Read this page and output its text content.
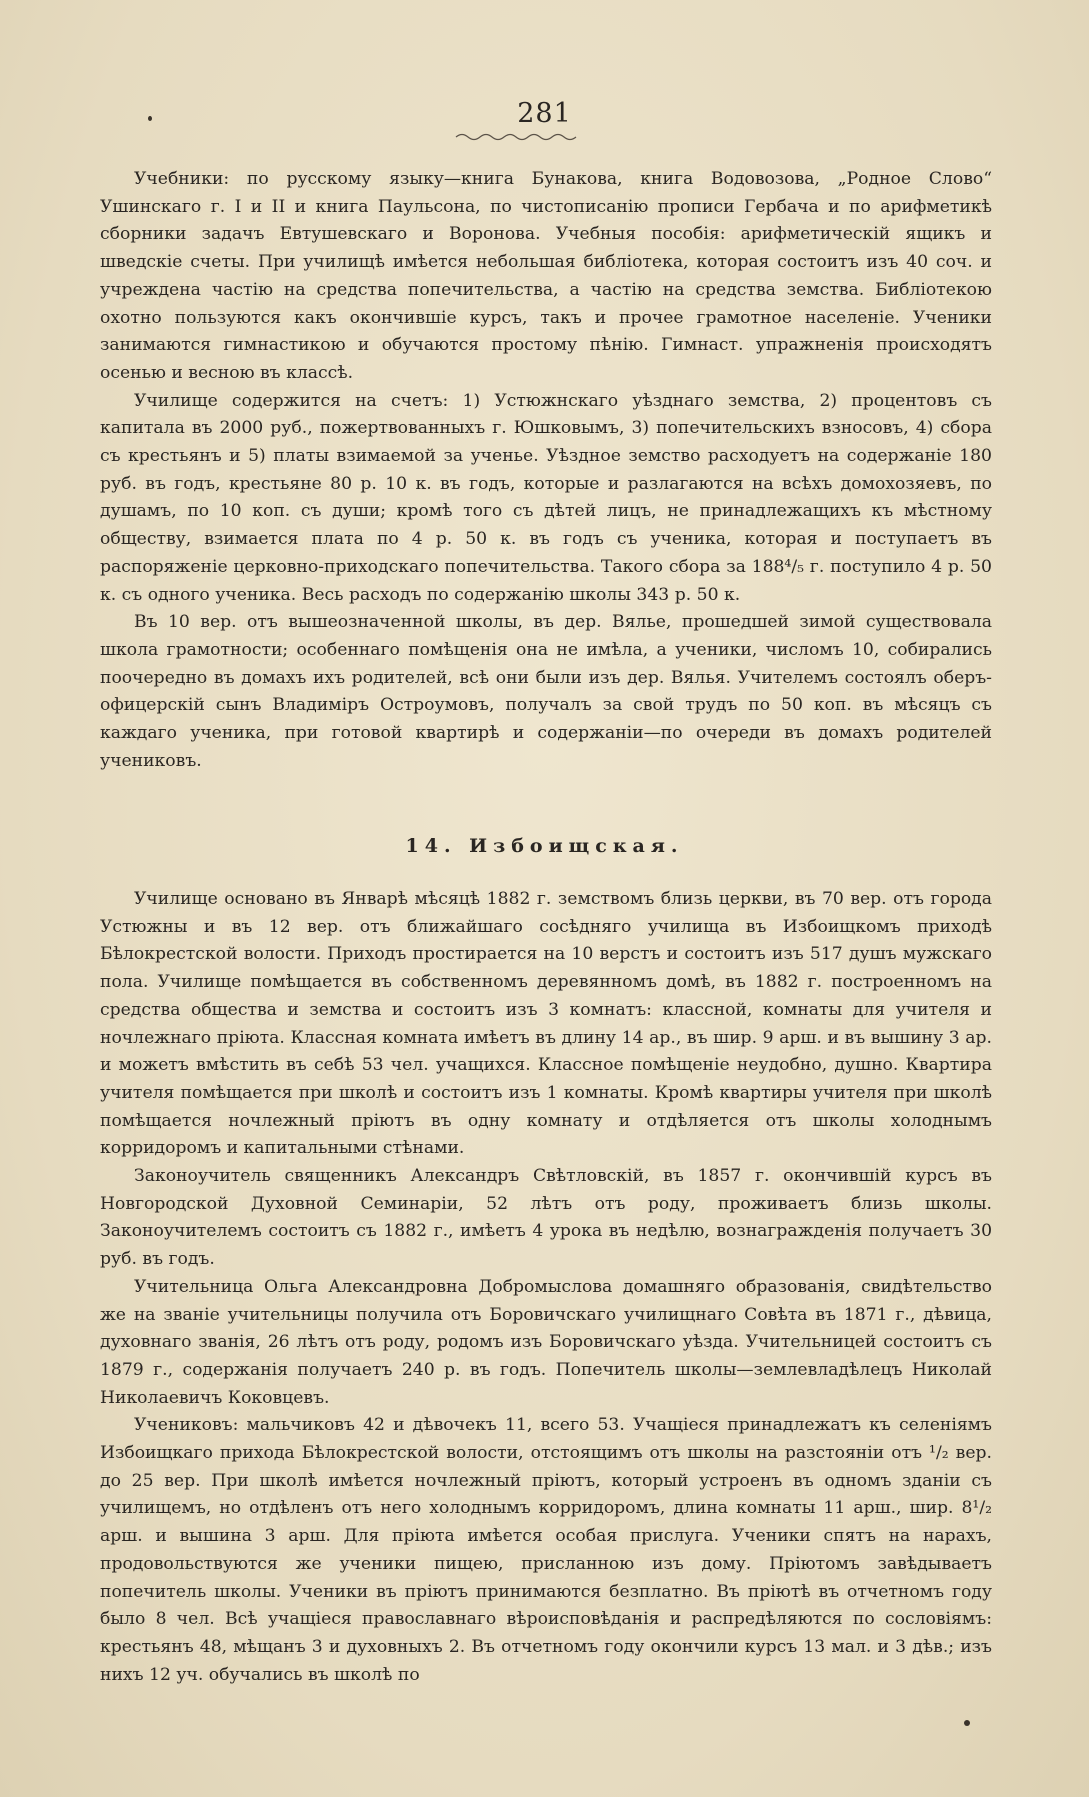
281

Учебники: по русскому языку—книга Бунакова, книга Водовозова, „Родное Слово“ Ушинскаго г. I и II и книга Паульсона, по чистописанію прописи Гербача и по арифметикѣ сборники задачъ Евтушевскаго и Воронова. Учебныя пособія: арифметическій ящикъ и шведскіе счеты. При училищѣ имѣется небольшая библіотека, которая состоитъ изъ 40 соч. и учреждена частію на средства попечительства, а частію на средства земства. Библіотекою охотно пользуются какъ окончившіе курсъ, такъ и прочее грамотное населеніе. Ученики занимаются гимнастикою и обучаются простому пѣнію. Гимнаст. упражненія происходятъ осенью и весною въ классѣ.

Училище содержится на счетъ: 1) Устюжнскаго уѣзднаго земства, 2) процентовъ съ капитала въ 2000 руб., пожертвованныхъ г. Юшковымъ, 3) попечительскихъ взносовъ, 4) сбора съ крестьянъ и 5) платы взимаемой за ученье. Уѣздное земство расходуетъ на содержаніе 180 руб. въ годъ, крестьяне 80 р. 10 к. въ годъ, которые и разлагаются на всѣхъ домохозяевъ, по душамъ, по 10 коп. съ души; кромѣ того съ дѣтей лицъ, не принадлежащихъ къ мѣстному обществу, взимается плата по 4 р. 50 к. въ годъ съ ученика, которая и поступаетъ въ распоряженіе церковно-приходскаго попечительства. Такого сбора за 188⁴/₅ г. поступило 4 р. 50 к. съ одного ученика. Весь расходъ по содержанію школы 343 р. 50 к.

Въ 10 вер. отъ вышеозначенной школы, въ дер. Вялье, прошедшей зимой существовала школа грамотности; особеннаго помѣщенія она не имѣла, а ученики, числомъ 10, собирались поочередно въ домахъ ихъ родителей, всѣ они были изъ дер. Вялья. Учителемъ состоялъ оберъ-офицерскій сынъ Владиміръ Остроумовъ, получалъ за свой трудъ по 50 коп. въ мѣсяцъ съ каждаго ученика, при готовой квартирѣ и содержаніи—по очереди въ домахъ родителей учениковъ.

14. Избоищская.

Училище основано въ Январѣ мѣсяцѣ 1882 г. земствомъ близь церкви, въ 70 вер. отъ города Устюжны и въ 12 вер. отъ ближайшаго сосѣдняго училища въ Избоищкомъ приходѣ Бѣлокрестской волости. Приходъ простирается на 10 верстъ и состоитъ изъ 517 душъ мужскаго пола. Училище помѣщается въ собственномъ деревянномъ домѣ, въ 1882 г. построенномъ на средства общества и земства и состоитъ изъ 3 комнатъ: классной, комнаты для учителя и ночлежнаго пріюта. Классная комната имѣетъ въ длину 14 ар., въ шир. 9 арш. и въ вышину 3 ар. и можетъ вмѣстить въ себѣ 53 чел. учащихся. Классное помѣщеніе неудобно, душно. Квартира учителя помѣщается при школѣ и состоитъ изъ 1 комнаты. Кромѣ квартиры учителя при школѣ помѣщается ночлежный пріютъ въ одну комнату и отдѣляется отъ школы холоднымъ корридоромъ и капитальными стѣнами.

Законоучитель священникъ Александръ Свѣтловскій, въ 1857 г. окончившій курсъ въ Новгородской Духовной Семинаріи, 52 лѣтъ отъ роду, проживаетъ близь школы. Законоучителемъ состоитъ съ 1882 г., имѣетъ 4 урока въ недѣлю, вознагражденія получаетъ 30 руб. въ годъ.

Учительница Ольга Александровна Добромыслова домашняго образованія, свидѣтельство же на званіе учительницы получила отъ Боровичскаго училищнаго Совѣта въ 1871 г., дѣвица, духовнаго званія, 26 лѣтъ отъ роду, родомъ изъ Боровичскаго уѣзда. Учительницей состоитъ съ 1879 г., содержанія получаетъ 240 р. въ годъ. Попечитель школы—землевладѣлецъ Николай Николаевичъ Коковцевъ.

Учениковъ: мальчиковъ 42 и дѣвочекъ 11, всего 53. Учащіеся принадлежатъ къ селеніямъ Избоищкаго прихода Бѣлокрестской волости, отстоящимъ отъ школы на разстояніи отъ ¹/₂ вер. до 25 вер. При школѣ имѣется ночлежный пріютъ, который устроенъ въ одномъ зданіи съ училищемъ, но отдѣленъ отъ него холоднымъ корридоромъ, длина комнаты 11 арш., шир. 8¹/₂ арш. и вышина 3 арш. Для пріюта имѣется особая прислуга. Ученики спятъ на нарахъ, продовольствуются же ученики пищею, присланною изъ дому. Пріютомъ завѣдываетъ попечитель школы. Ученики въ пріютъ принимаются безплатно. Въ пріютѣ въ отчетномъ году было 8 чел. Всѣ учащіеся православнаго вѣроисповѣданія и распредѣляются по сословіямъ: крестьянъ 48, мѣщанъ 3 и духовныхъ 2. Въ отчетномъ году окончили курсъ 13 мал. и 3 дѣв.; изъ нихъ 12 уч. обучались въ школѣ по
